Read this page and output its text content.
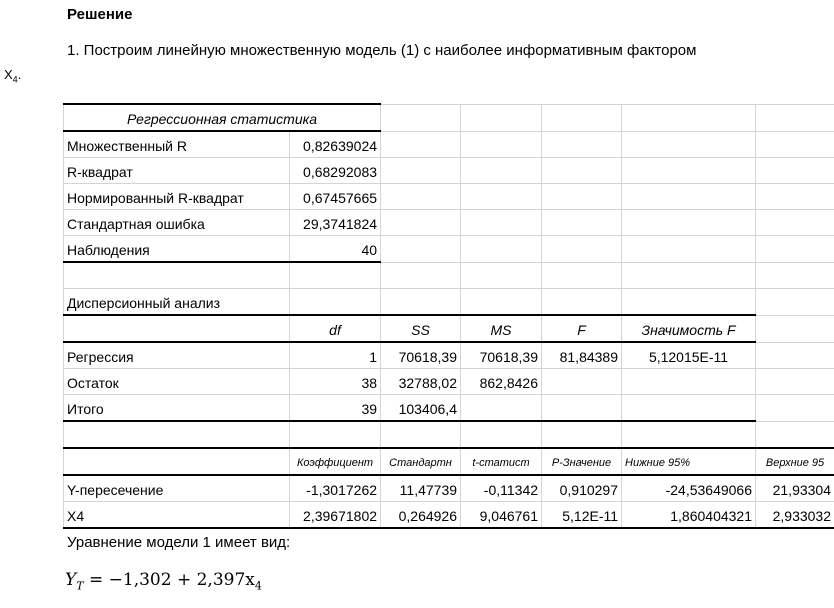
Решение
1. Построим линейную множественную модель (1) с наиболее информативным фактором
$X_4$.
Регрессионная статистика						
Множественный R	0,82639024					
R-квадрат	0,68292083					
Нормированный R-квадрат	0,67457665					
Стандартная ошибка	29,3741824					
Наблюдения	40					

Дисперсионный анализ						
	df	SS	MS	F	Значимость F	
Регрессия	1	70618,39	70618,39	81,84389	5,12015E-11	
Остаток	38	32788,02	862,8426			
Итого	39	103406,4				

	Коэффициент	Стандартн	t-статист	P-Значение	Нижние 95%	Верхние 95
Y-пересечение	-1,3017262	11,47739	-0,11342	0,910297	-24,53649066	21,93304
X4	2,39671802	0,264926	9,046761	5,12E-11	1,860404321	2,933032
Уравнение модели 1 имеет вид:
$Y_T = -1,302 + 2,397x_4$
